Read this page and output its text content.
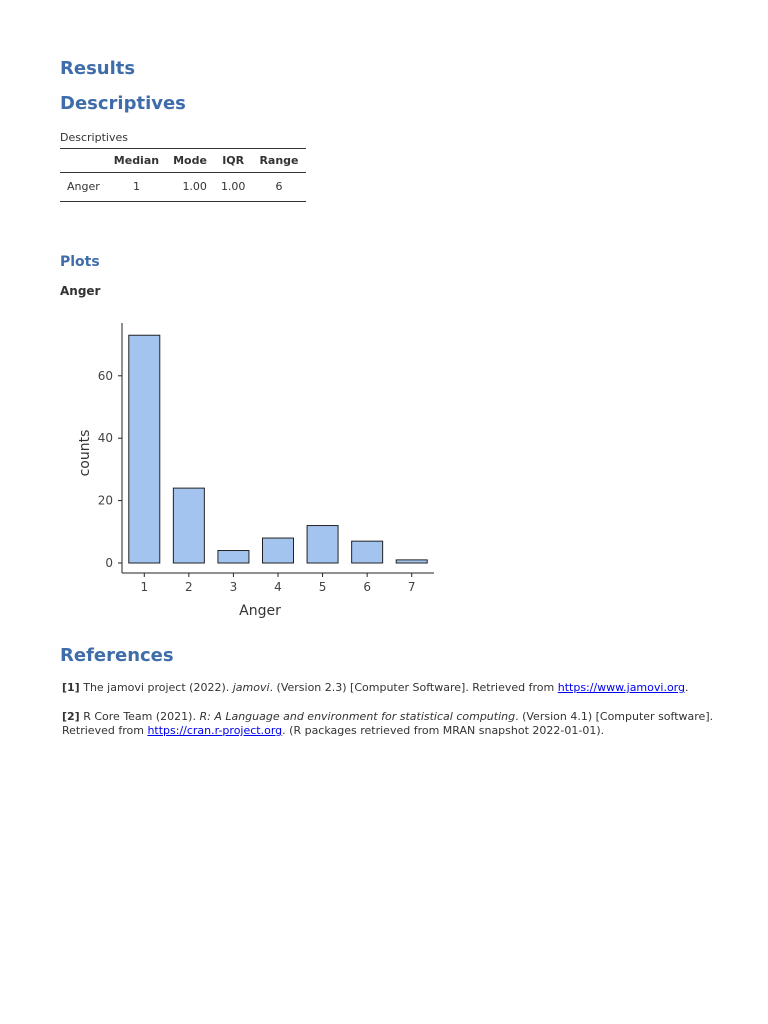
Results
Descriptives
Descriptives
	Median	Mode	IQR	Range
Anger	1	1.00	1.00	6
Plots
Anger
1	2	3	4	5	6	7
0
20
40
60
Anger
counts
References
[1] The jamovi project (2022). jamovi. (Version 2.3) [Computer Software]. Retrieved from https://www.jamovi.org.
[2] R Core Team (2021). R: A Language and environment for statistical computing. (Version 4.1) [Computer software]. Retrieved from https://cran.r-project.org. (R packages retrieved from MRAN snapshot 2022-01-01).
